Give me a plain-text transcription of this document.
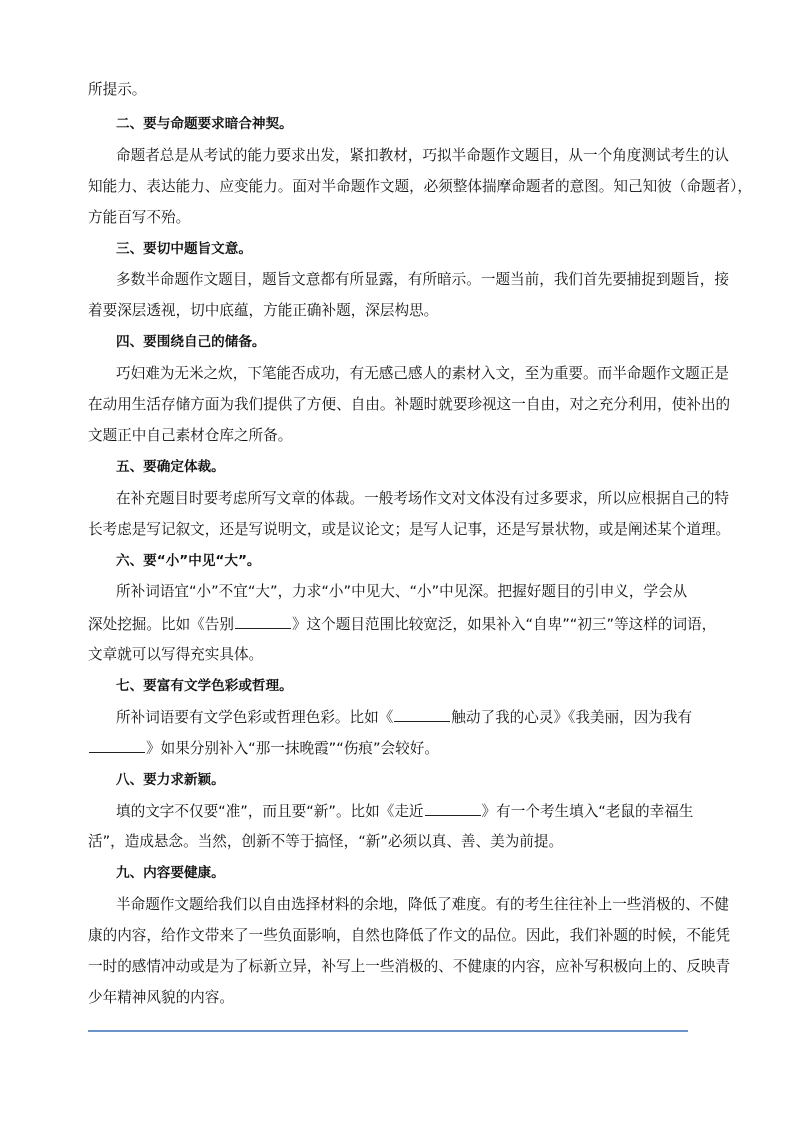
所提示。
二、要与命题要求暗合神契。
命题者总是从考试的能力要求出发，紧扣教材，巧拟半命题作文题目，从一个角度测试考生的认
知能力、表达能力、应变能力。面对半命题作文题，必须整体揣摩命题者的意图。知己知彼（命题者），
方能百写不殆。
三、要切中题旨文意。
多数半命题作文题目，题旨文意都有所显露，有所暗示。一题当前，我们首先要捕捉到题旨，接
着要深层透视，切中底蕴，方能正确补题，深层构思。
四、要围绕自己的储备。
巧妇难为无米之炊，下笔能否成功，有无感己感人的素材入文，至为重要。而半命题作文题正是
在动用生活存储方面为我们提供了方便、自由。补题时就要珍视这一自由，对之充分利用，使补出的
文题正中自己素材仓库之所备。
五、要确定体裁。
在补充题目时要考虑所写文章的体裁。一般考场作文对文体没有过多要求，所以应根据自己的特
长考虑是写记叙文，还是写说明文，或是议论文；是写人记事，还是写景状物，或是阐述某个道理。
六、要“小”中见“大”。
所补词语宜“小”不宜“大”，力求“小”中见大、“小”中见深。把握好题目的引申义，学会从
深处挖掘。比如《告别	》这个题目范围比较宽泛，如果补入“自卑”“初三”等这样的词语，
文章就可以写得充实具体。
七、要富有文学色彩或哲理。
所补词语要有文学色彩或哲理色彩。比如《	触动了我的心灵》《我美丽，因为我有
》如果分别补入“那一抹晚霞”“伤痕”会较好。
八、要力求新颖。
填的文字不仅要“准”，而且要“新”。比如《走近	》有一个考生填入“老鼠的幸福生
活”，造成悬念。当然，创新不等于搞怪，“新”必须以真、善、美为前提。
九、内容要健康。
半命题作文题给我们以自由选择材料的余地，降低了难度。有的考生往往补上一些消极的、不健
康的内容，给作文带来了一些负面影响，自然也降低了作文的品位。因此，我们补题的时候，不能凭
一时的感情冲动或是为了标新立异，补写上一些消极的、不健康的内容，应补写积极向上的、反映青
少年精神风貌的内容。
